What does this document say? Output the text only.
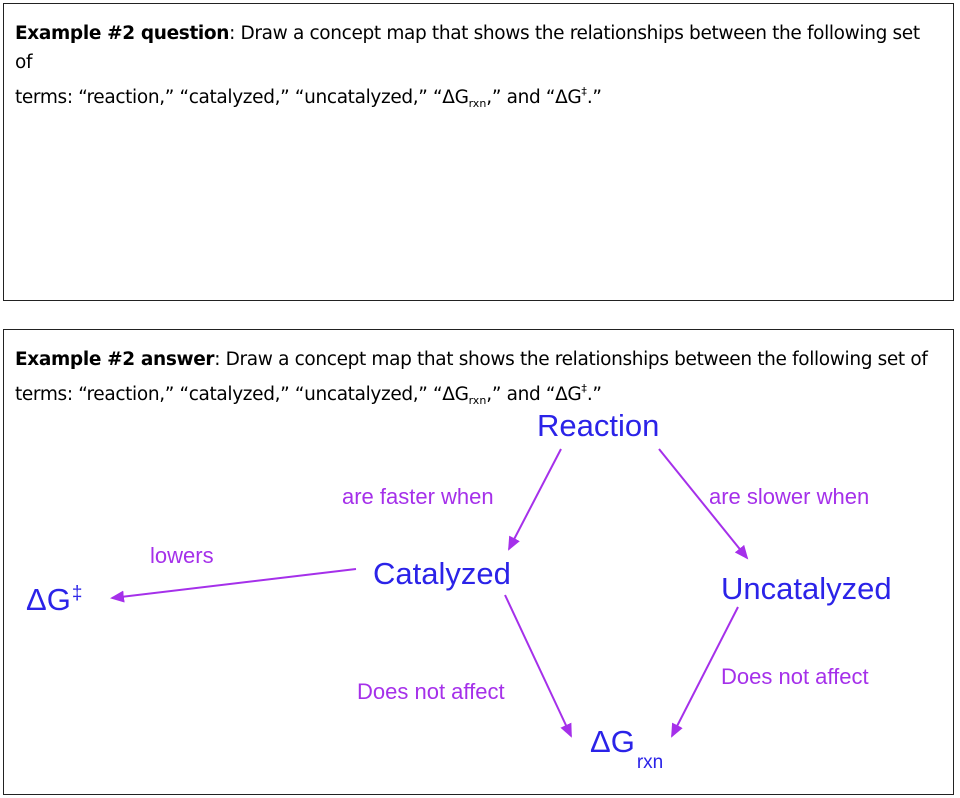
Example #2 question: Draw a concept map that shows the relationships between the following set of
terms: “reaction,” “catalyzed,” “uncatalyzed,” “$\Delta G_{rxn}$,” and “ΔG‡.”
Example #2 answer: Draw a concept map that shows the relationships between the following set of
terms: “reaction,” “catalyzed,” “uncatalyzed,” “$\Delta G_{rxn}$,” and “ΔG‡.”
Reaction
Catalyzed	Uncatalyzed
ΔG‡
$\Delta G_{rxn}$
are faster when	are slower when
lowers
Does not affect
Does not affect
